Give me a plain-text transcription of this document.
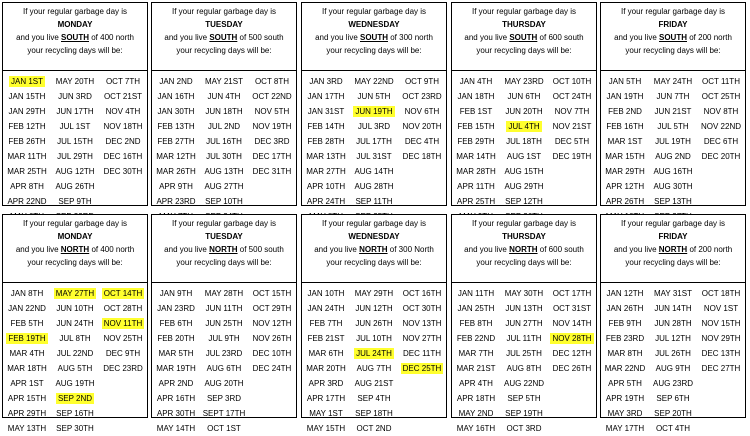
If your regular garbage day is
MONDAY
and you live SOUTH of 400 north
your recycling days will be:
JAN 1ST	MAY 20TH	OCT 7TH
JAN 15TH	JUN 3RD	OCT 21ST
JAN 29TH	JUN 17TH	NOV 4TH
FEB 12TH	JUL 1ST	NOV 18TH
FEB 26TH	JUL 15TH	DEC 2ND
MAR 11TH	JUL 29TH	DEC 16TH
MAR 25TH	AUG 12TH	DEC 30TH
APR 8TH	AUG 26TH
APR 22ND	SEP 9TH
If your regular garbage day is
TUESDAY
and you live SOUTH of 500 south
your recycling days will be:
JAN 2ND	MAY 21ST	OCT 8TH
JAN 16TH	JUN 4TH	OCT 22ND
JAN 30TH	JUN 18TH	NOV 5TH
FEB 13TH	JUL 2ND	NOV 19TH
FEB 27TH	JUL 16TH	DEC 3RD
MAR 12TH	JUL 30TH	DEC 17TH
MAR 26TH	AUG 13TH	DEC 31TH
APR 9TH	AUG 27TH
APR 23RD	SEP 10TH
If your regular garbage day is
WEDNESDAY
and you live SOUTH of 300 north
your recycling days will be:
JAN 3RD	MAY 22ND	OCT 9TH
JAN 17TH	JUN 5TH	OCT 23RD
JAN 31ST	JUN 19TH	NOV 6TH
FEB 14TH	JUL 3RD	NOV 20TH
FEB 28TH	JUL 17TH	DEC 4TH
MAR 13TH	JUL 31ST	DEC 18TH
MAR 27TH	AUG 14TH
APR 10TH	AUG 28TH
APR 24TH	SEP 11TH
If your regular garbage day is
THURSDAY
and you live SOUTH of 600 south
your recycling days will be:
JAN 4TH	MAY 23RD	OCT 10TH
JAN 18TH	JUN 6TH	OCT 24TH
FEB 1ST	JUN 20TH	NOV 7TH
FEB 15TH	JUL 4TH	NOV 21ST
FEB 29TH	JUL 18TH	DEC 5TH
MAR 14TH	AUG 1ST	DEC 19TH
MAR 28TH	AUG 15TH
APR 11TH	AUG 29TH
APR 25TH	SEP 12TH
If your regular garbage day is
FRIDAY
and you live SOUTH of 200 north
your recycling days will be:
JAN 5TH	MAY 24TH	OCT 11TH
JAN 19TH	JUN 7TH	OCT 25TH
FEB 2ND	JUN 21ST	NOV 8TH
FEB 16TH	JUL 5TH	NOV 22ND
MAR 1ST	JUL 19TH	DEC 6TH
MAR 15TH	AUG 2ND	DEC 20TH
MAR 29TH	AUG 16TH
APR 12TH	AUG 30TH
APR 26TH	SEP 13TH
If your regular garbage day is
MONDAY
and you live NORTH of 400 north
your recycling days will be:
JAN 8TH	MAY 27TH	OCT 14TH
JAN 22ND	JUN 10TH	OCT 28TH
FEB 5TH	JUN 24TH	NOV 11TH
FEB 19TH	JUL 8TH	NOV 25TH
MAR 4TH	JUL 22ND	DEC 9TH
MAR 18TH	AUG 5TH	DEC 23RD
APR 1ST	AUG 19TH
APR 15TH	SEP 2ND
APR 29TH	SEP 16TH
MAY 13TH	SEP 30TH
If your regular garbage day is
TUESDAY
and you live NORTH of 500 south
your recycling days will be:
JAN 9TH	MAY 28TH	OCT 15TH
JAN 23RD	JUN 11TH	OCT 29TH
FEB 6TH	JUN 25TH	NOV 12TH
FEB 20TH	JUL 9TH	NOV 26TH
MAR 5TH	JUL 23RD	DEC 10TH
MAR 19TH	AUG 6TH	DEC 24TH
APR 2ND	AUG 20TH
APR 16TH	SEP 3RD
APR 30TH SEPT 17TH
MAY 14TH	OCT 1ST
If your regular garbage day is
WEDNESDAY
and you live NORTH of 300 North
your recycling days will be:
JAN 10TH	MAY 29TH	OCT 16TH
JAN 24TH	JUN 12TH	OCT 30TH
FEB 7TH	JUN 26TH	NOV 13TH
FEB 21ST	JUL 10TH	NOV 27TH
MAR 6TH	JUL 24TH	DEC 11TH
MAR 20TH	AUG 7TH	DEC 25TH
APR 3RD	AUG 21ST
APR 17TH	SEP 4TH
MAY 1ST	SEP 18TH
MAY 15TH	OCT 2ND
If your regular garbage day is
THURSDAY
and you live NORTH of 600 south
your recycling days will be:
JAN 11TH	MAY 30TH	OCT 17TH
JAN 25TH	JUN 13TH	OCT 31ST
FEB 8TH	JUN 27TH	NOV 14TH
FEB 22ND	JUL 11TH	NOV 28TH
MAR 7TH	JUL 25TH	DEC 12TH
MAR 21ST	AUG 8TH	DEC 26TH
APR 4TH	AUG 22ND
APR 18TH	SEP 5TH
MAY 2ND	SEP 19TH
MAY 16TH	OCT 3RD
If your regular garbage day is
FRIDAY
and you live NORTH of 200 north
your recycling days will be:
JAN 12TH	MAY 31ST	OCT 18TH
JAN 26TH	JUN 14TH	NOV 1ST
FEB 9TH	JUN 28TH	NOV 15TH
FEB 23RD	JUL 12TH	NOV 29TH
MAR 8TH	JUL 26TH	DEC 13TH
MAR 22ND	AUG 9TH	DEC 27TH
APR 5TH	AUG 23RD
APR 19TH	SEP 6TH
MAY 3RD	SEP 20TH
MAY 17TH	OCT 4TH
